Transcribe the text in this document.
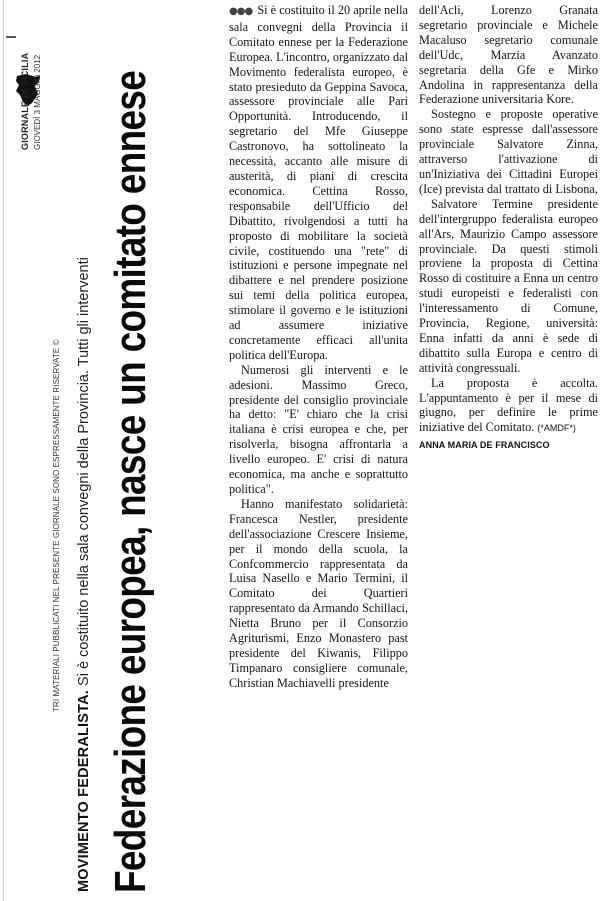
GIORNALE DI SICILIA GIOVEDÌ 3 MAGGIO 2012
TRI MATERIALI PUBBLICATI NEL PRESENTE GIORNALE SONO ESPRESSAMENTE RISERVATE ©
MOVIMENTO FEDERALISTA.Si è costituito nella sala convegni della Provincia. Tutti gli interventi Federazione europea, nasce un comitato ennese

●●● Si è costituito il 20 aprile nella sala convegni della Provincia il Comitato ennese per la Federazione Europea. L'incontro, organizzato dal Movimento federalista europeo, è stato presieduto da Geppina Savoca, assessore provinciale alle Pari Opportunità. Introducendo, il segretario del Mfe Giuseppe Castronovo, ha sottolineato la necessità, accanto alle misure di austerità, di piani di crescita economica. Cettina Rosso, responsabile dell'Ufficio del Dibattito, rivolgendosi a tutti ha proposto di mobilitare la società civile, costituendo una "rete" di istituzioni e persone impegnate nel dibattere e nel prendere posizione sui temi della politica europea, stimolare il governo e le istituzioni ad assumere iniziative concretamente efficaci all'unita politica dell'Europa.

Numerosi gli interventi e le adesioni. Massimo Greco, presidente del consiglio provinciale ha detto: "E' chiaro che la crisi italiana è crisi europea e che, per risolverla, bisogna affrontarla a livello europeo. E' crisi di natura economica, ma anche e soprattutto politica".

Hanno manifestato solidarietà: Francesca Nestler, presidente dell'associazione Crescere Insieme, per il mondo della scuola, la Confcommercio rappresentata da Luisa Nasello e Mario Termini, il Comitato dei Quartieri rappresentato da Armando Schillaci, Nietta Bruno per il Consorzio Agriturismi, Enzo Monastero past presidente del Kiwanis, Filippo Timpanaro consigliere comunale, Christian Machiavelli presidente

dell'Acli, Lorenzo Granata segretario provinciale e Michele Macaluso segretario comunale dell'Udc, Marzia Avanzato segretaria della Gfe e Mirko Andolina in rappresentanza della Federazione universitaria Kore.

Sostegno e proposte operative sono state espresse dall'assessore provinciale Salvatore Zinna, attraverso l'attivazione di un'Iniziativa dei Cittadini Europei (Ice) prevista dal trattato di Lisbona,

Salvatore Termine presidente dell'intergruppo federalista europeo all'Ars, Maurizio Campo assessore provinciale. Da questi stimoli proviene la proposta di Cettina Rosso di costituire a Enna un centro studi europeisti e federalisti con l'interessamento di Comune, Provincia, Regione, università: Enna infatti da anni è sede di dibattito sulla Europa e centro di attività congressuali.

La proposta è accolta. L'appuntamento è per il mese di giugno, per definire le prime iniziative del Comitato. (*AMDF*)

ANNA MARIA DE FRANCISCO
